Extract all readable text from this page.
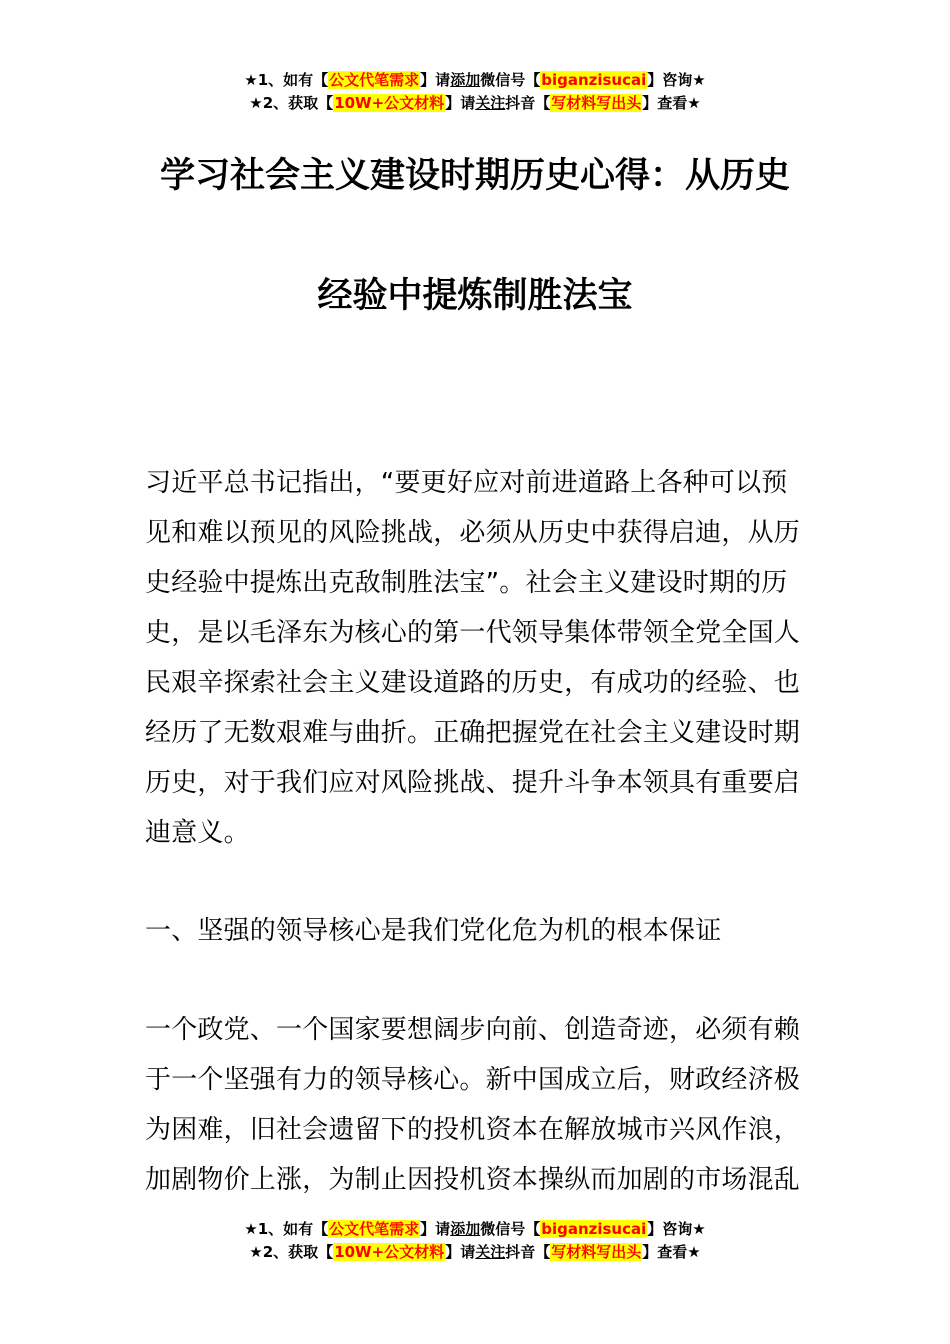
★1、如有【公文代笔需求】请添加微信号【biganzisucai】咨询★
★2、获取【10W+公文材料】请关注抖音【写材料写出头】查看★
学习社会主义建设时期历史心得：从历史
经验中提炼制胜法宝
习近平总书记指出，“要更好应对前进道路上各种可以预
见和难以预见的风险挑战，必须从历史中获得启迪，从历
史经验中提炼出克敌制胜法宝”。社会主义建设时期的历
史，是以毛泽东为核心的第一代领导集体带领全党全国人
民艰辛探索社会主义建设道路的历史，有成功的经验、也
经历了无数艰难与曲折。正确把握党在社会主义建设时期
历史，对于我们应对风险挑战、提升斗争本领具有重要启
迪意义。
一、坚强的领导核心是我们党化危为机的根本保证
一个政党、一个国家要想阔步向前、创造奇迹，必须有赖
于一个坚强有力的领导核心。新中国成立后，财政经济极
为困难，旧社会遗留下的投机资本在解放城市兴风作浪，
加剧物价上涨，为制止因投机资本操纵而加剧的市场混乱
★1、如有【公文代笔需求】请添加微信号【biganzisucai】咨询★
★2、获取【10W+公文材料】请关注抖音【写材料写出头】查看★
